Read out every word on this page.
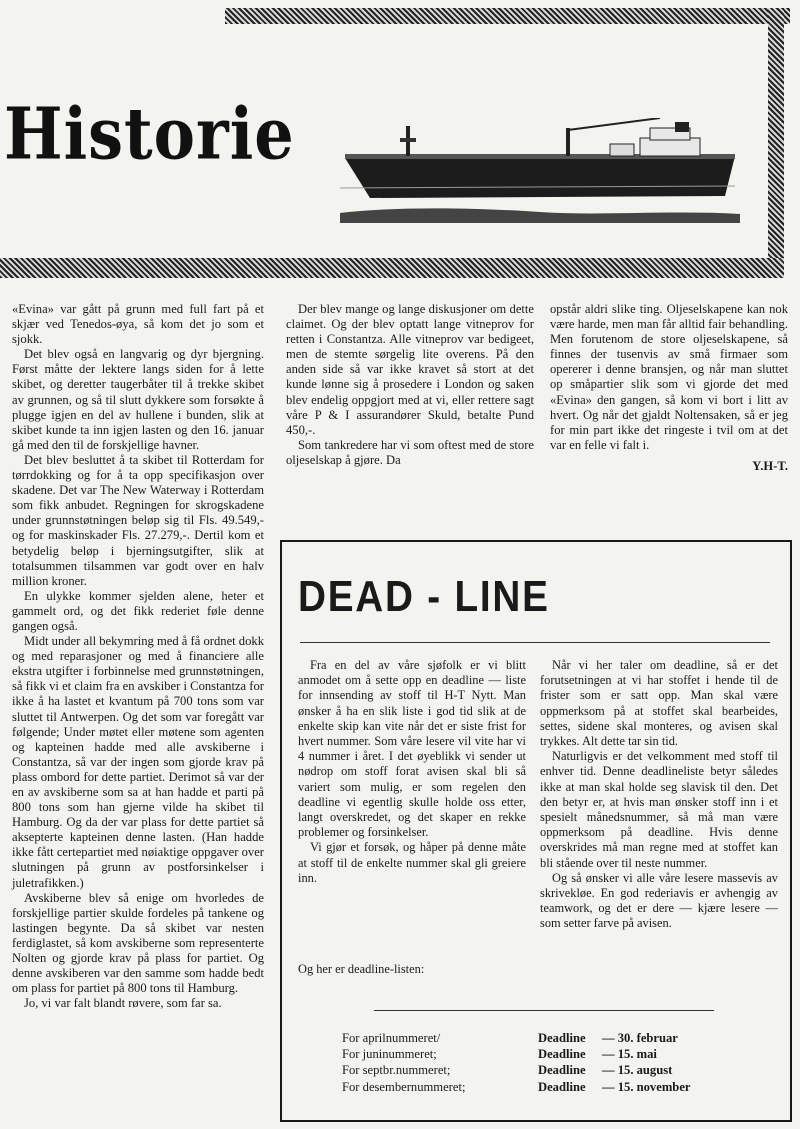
Historie

«Evina» var gått på grunn med full fart på et skjær ved Tenedos-øya, så kom det jo som et sjokk.

Det blev også en langvarig og dyr bjergning. Først måtte der lektere langs siden for å lette skibet, og deretter taugerbåter til å trekke skibet av grunnen, og så til slutt dykkere som forsøkte å plugge igjen en del av hullene i bunden, slik at skibet kunde ta inn igjen lasten og den 16. januar gå med den til de forskjellige havner.

Det blev besluttet å ta skibet til Rotterdam for tørrdokking og for å ta opp specifikasjon over skadene. Det var The New Waterway i Rotterdam som fikk anbudet. Regningen for skrogskadene under grunnstøtningen beløp sig til Fls. 49.549,- og for maskinskader Fls. 27.279,-. Dertil kom et betydelig beløp i bjerningsutgifter, slik at totalsummen tilsammen var godt over en halv million kroner.

En ulykke kommer sjelden alene, heter et gammelt ord, og det fikk rederiet føle denne gangen også.

Midt under all bekymring med å få ordnet dokk og med reparasjoner og med å financiere alle ekstra utgifter i forbinnelse med grunnstøtningen, så fikk vi et claim fra en avskiber i Constantza for ikke å ha lastet et kvantum på 700 tons som var sluttet til Antwerpen. Og det som var foregått var følgende; Under møtet eller møtene som agenten og kapteinen hadde med alle avskiberne i Constantza, så var der ingen som gjorde krav på plass ombord for dette partiet. Derimot så var der en av avskiberne som sa at han hadde et parti på 800 tons som han gjerne vilde ha skibet til Hamburg. Og da der var plass for dette partiet så aksepterte kapteinen denne lasten. (Han hadde ikke fått certepartiet med nøiaktige oppgaver over slutningen på grunn av postforsinkelser i juletrafikken.)

Avskiberne blev så enige om hvorledes de forskjellige partier skulde fordeles på tankene og lastingen begynte. Da så skibet var nesten ferdiglastet, så kom avskiberne som representerte Nolten og gjorde krav på plass for partiet. Og denne avskiberen var den samme som hadde bedt om plass for partiet på 800 tons til Hamburg.

Jo, vi var falt blandt røvere, som far sa.

Der blev mange og lange diskusjoner om dette claimet. Og der blev optatt lange vitneprov for retten i Constantza. Alle vitneprov var bedigeet, men de stemte sørgelig lite overens. På den anden side så var ikke kravet så stort at det kunde lønne sig å prosedere i London og saken blev endelig oppgjort med at vi, eller rettere sagt våre P & I assurandører Skuld, betalte Pund 450,-.

Som tankredere har vi som oftest med de store oljeselskap å gjøre. Da

opstår aldri slike ting. Oljeselskapene kan nok være harde, men man får alltid fair behandling. Men forutenom de store oljeselskapene, så finnes der tusenvis av små firmaer som opererer i denne bransjen, og når man sluttet op småpartier slik som vi gjorde det med «Evina» den gangen, så kom vi bort i litt av hvert. Og når det gjaldt Noltensaken, så er jeg for min part ikke det ringeste i tvil om at det var en felle vi falt i.

Y.H-T.
DEAD - LINE

Fra en del av våre sjøfolk er vi blitt anmodet om å sette opp en deadline — liste for innsending av stoff til H-T Nytt. Man ønsker å ha en slik liste i god tid slik at de enkelte skip kan vite når det er siste frist for hvert nummer. Som våre lesere vil vite har vi 4 nummer i året. I det øyeblikk vi sender ut nødrop om stoff forat avisen skal bli så variert som mulig, er som regelen den deadline vi egentlig skulle holde oss etter, langt overskredet, og det skaper en rekke problemer og forsinkelser.

Vi gjør et forsøk, og håper på denne måte at stoff til de enkelte nummer skal gli greiere inn.

Når vi her taler om deadline, så er det forutsetningen at vi har stoffet i hende til de frister som er satt opp. Man skal være oppmerksom på at stoffet skal bearbeides, settes, sidene skal monteres, og avisen skal trykkes. Alt dette tar sin tid.

Naturligvis er det velkomment med stoff til enhver tid. Denne deadlineliste betyr således ikke at man skal holde seg slavisk til den. Det den betyr er, at hvis man ønsker stoff inn i et spesielt månedsnummer, så må man være oppmerksom på deadline. Hvis denne overskrides må man regne med at stoffet kan bli stående over til neste nummer.

Og så ønsker vi alle våre lesere massevis av skrivekløe. En god rederiavis er avhengig av teamwork, og det er dere — kjære lesere — som setter farve på avisen.

Og her er deadline-listen:
For aprilnummeret/	Deadline	— 30. februar
For juninummeret;	Deadline	— 15. mai
For septbr.nummeret;	Deadline	— 15. august
For desembernummeret;	Deadline	— 15. november
